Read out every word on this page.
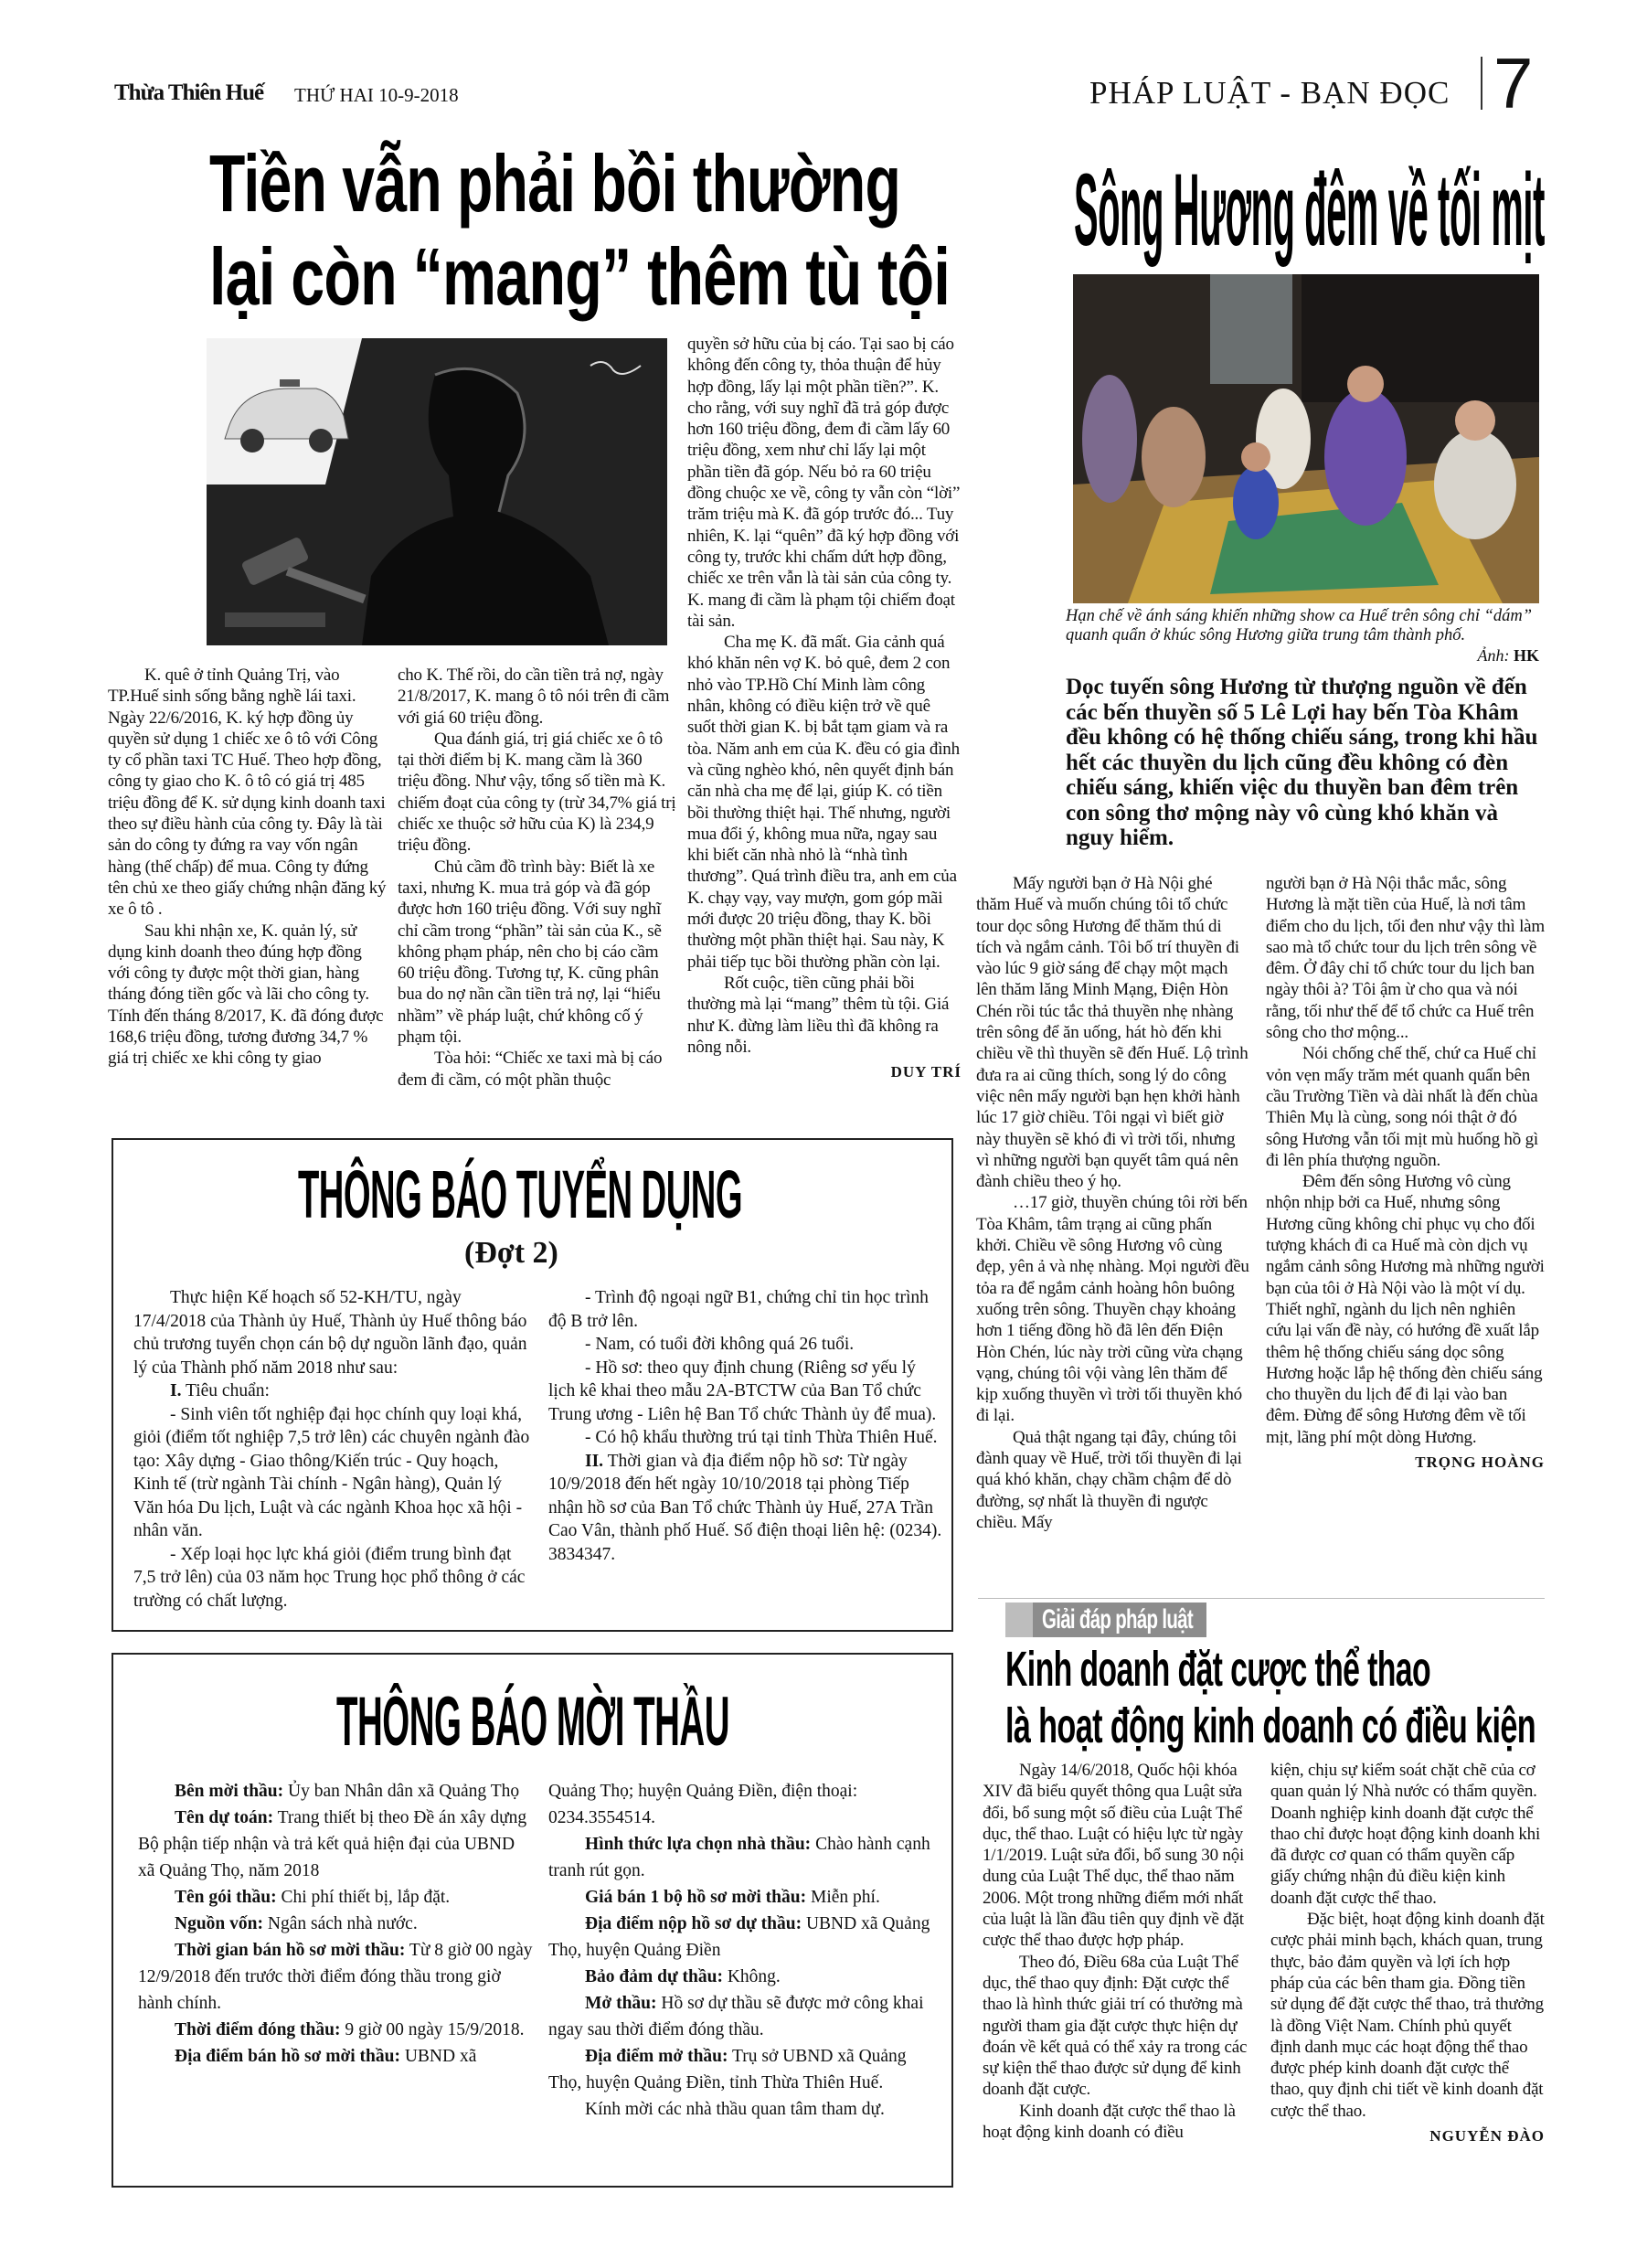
Thừa Thiên Huế THỨ HAI 10-9-2018	PHÁP LUẬT - BẠN ĐỌC 7
Tiền vẫn phải bồi thường
lại còn “mang” thêm tù tội

K. quê ở tỉnh Quảng Trị, vào TP.Huế sinh sống bằng nghề lái taxi. Ngày 22/6/2016, K. ký hợp đồng ủy quyền sử dụng 1 chiếc xe ô tô với Công ty cổ phần taxi TC Huế. Theo hợp đồng, công ty giao cho K. ô tô có giá trị 485 triệu đồng để K. sử dụng kinh doanh taxi theo sự điều hành của công ty. Đây là tài sản do công ty đứng ra vay vốn ngân hàng (thế chấp) để mua. Công ty đứng tên chủ xe theo giấy chứng nhận đăng ký xe ô tô .

Sau khi nhận xe, K. quản lý, sử dụng kinh doanh theo đúng hợp đồng với công ty được một thời gian, hàng tháng đóng tiền gốc và lãi cho công ty. Tính đến tháng 8/2017, K. đã đóng được 168,6 triệu đồng, tương đương 34,7 % giá trị chiếc xe khi công ty giao

cho K. Thế rồi, do cần tiền trả nợ, ngày 21/8/2017, K. mang ô tô nói trên đi cầm với giá 60 triệu đồng.

Qua đánh giá, trị giá chiếc xe ô tô tại thời điểm bị K. mang cầm là 360 triệu đồng. Như vậy, tổng số tiền mà K. chiếm đoạt của công ty (trừ 34,7% giá trị chiếc xe thuộc sở hữu của K) là 234,9 triệu đồng.

Chủ cầm đồ trình bày: Biết là xe taxi, nhưng K. mua trả góp và đã góp được hơn 160 triệu đồng. Với suy nghĩ chỉ cầm trong “phần” tài sản của K., sẽ không phạm pháp, nên cho bị cáo cầm 60 triệu đồng. Tương tự, K. cũng phân bua do nợ nần cần tiền trả nợ, lại “hiểu nhầm” về pháp luật, chứ không cố ý phạm tội.

Tòa hỏi: “Chiếc xe taxi mà bị cáo đem đi cầm, có một phần thuộc

quyền sở hữu của bị cáo. Tại sao bị cáo không đến công ty, thỏa thuận để hủy hợp đồng, lấy lại một phần tiền?”. K. cho rằng, với suy nghĩ đã trả góp được hơn 160 triệu đồng, đem đi cầm lấy 60 triệu đồng, xem như chỉ lấy lại một phần tiền đã góp. Nếu bỏ ra 60 triệu đồng chuộc xe về, công ty vẫn còn “lời” trăm triệu mà K. đã góp trước đó... Tuy nhiên, K. lại “quên” đã ký hợp đồng với công ty, trước khi chấm dứt hợp đồng, chiếc xe trên vẫn là tài sản của công ty. K. mang đi cầm là phạm tội chiếm đoạt tài sản.

Cha mẹ K. đã mất. Gia cảnh quá khó khăn nên vợ K. bỏ quê, đem 2 con nhỏ vào TP.Hồ Chí Minh làm công nhân, không có điều kiện trở về quê suốt thời gian K. bị bắt tạm giam và ra tòa. Năm anh em của K. đều có gia đình và cũng nghèo khó, nên quyết định bán căn nhà cha mẹ để lại, giúp K. có tiền bồi thường thiệt hại. Thế nhưng, người mua đổi ý, không mua nữa, ngay sau khi biết căn nhà nhỏ là “nhà tình thương”. Quá trình điều tra, anh em của K. chạy vạy, vay mượn, gom góp mãi mới được 20 triệu đồng, thay K. bồi thường một phần thiệt hại. Sau này, K phải tiếp tục bồi thường phần còn lại.

Rốt cuộc, tiền cũng phải bồi thường mà lại “mang” thêm tù tội. Giá như K. đừng làm liều thì đã không ra nông nỗi.

DUY TRÍ
Sông Hương đêm về tối mịt
Hạn chế về ánh sáng khiến những show ca Huế trên sông chỉ “dám” quanh quẩn ở khúc sông Hương giữa trung tâm thành phố.
Ảnh: HK
Dọc tuyến sông Hương từ thượng nguồn về đến các bến thuyền số 5 Lê Lợi hay bến Tòa Khâm đều không có hệ thống chiếu sáng, trong khi hầu hết các thuyền du lịch cũng đều không có đèn chiếu sáng, khiến việc du thuyền ban đêm trên con sông thơ mộng này vô cùng khó khăn và nguy hiểm.

Mấy người bạn ở Hà Nội ghé thăm Huế và muốn chúng tôi tổ chức tour dọc sông Hương để thăm thú di tích và ngắm cảnh. Tôi bố trí thuyền đi vào lúc 9 giờ sáng để chạy một mạch lên thăm lăng Minh Mạng, Điện Hòn Chén rồi túc tắc thả thuyền nhẹ nhàng trên sông để ăn uống, hát hò đến khi chiều về thì thuyền sẽ đến Huế. Lộ trình đưa ra ai cũng thích, song lý do công việc nên mấy người bạn hẹn khởi hành lúc 17 giờ chiều. Tôi ngại vì biết giờ này thuyền sẽ khó đi vì trời tối, nhưng vì những người bạn quyết tâm quá nên đành chiều theo ý họ.

…17 giờ, thuyền chúng tôi rời bến Tòa Khâm, tâm trạng ai cũng phấn khởi. Chiều về sông Hương vô cùng đẹp, yên ả và nhẹ nhàng. Mọi người đều tỏa ra để ngắm cảnh hoàng hôn buông xuống trên sông. Thuyền chạy khoảng hơn 1 tiếng đồng hồ đã lên đến Điện Hòn Chén, lúc này trời cũng vừa chạng vạng, chúng tôi vội vàng lên thăm để kịp xuống thuyền vì trời tối thuyền khó đi lại.

Quả thật ngang tại đây, chúng tôi đành quay về Huế, trời tối thuyền đi lại quá khó khăn, chạy chầm chậm để dò đường, sợ nhất là thuyền đi ngược chiều. Mấy

người bạn ở Hà Nội thắc mắc, sông Hương là mặt tiền của Huế, là nơi tâm điểm cho du lịch, tối đen như vậy thì làm sao mà tổ chức tour du lịch trên sông về đêm. Ở đây chỉ tổ chức tour du lịch ban ngày thôi à? Tôi ậm ừ cho qua và nói rằng, tối như thế để tổ chức ca Huế trên sông cho thơ mộng...

Nói chống chế thế, chứ ca Huế chỉ vỏn vẹn mấy trăm mét quanh quẩn bên cầu Trường Tiền và dài nhất là đến chùa Thiên Mụ là cùng, song nói thật ở đó sông Hương vẫn tối mịt mù huống hồ gì đi lên phía thượng nguồn.

Đêm đến sông Hương vô cùng nhộn nhịp bởi ca Huế, nhưng sông Hương cũng không chỉ phục vụ cho đối tượng khách đi ca Huế mà còn dịch vụ ngắm cảnh sông Hương mà những người bạn của tôi ở Hà Nội vào là một ví dụ. Thiết nghĩ, ngành du lịch nên nghiên cứu lại vấn đề này, có hướng đề xuất lắp thêm hệ thống chiếu sáng dọc sông Hương hoặc lắp hệ thống đèn chiếu sáng cho thuyền du lịch để đi lại vào ban đêm. Đừng để sông Hương đêm về tối mịt, lãng phí một dòng Hương.

TRỌNG HOÀNG
Giải đáp pháp luật
Kinh doanh đặt cược thể thao
là hoạt động kinh doanh có điều kiện

Ngày 14/6/2018, Quốc hội khóa XIV đã biểu quyết thông qua Luật sửa đổi, bổ sung một số điều của Luật Thể dục, thể thao. Luật có hiệu lực từ ngày 1/1/2019. Luật sửa đổi, bổ sung 30 nội dung của Luật Thể dục, thể thao năm 2006. Một trong những điểm mới nhất của luật là lần đầu tiên quy định về đặt cược thể thao được hợp pháp.

Theo đó, Điều 68a của Luật Thể dục, thể thao quy định: Đặt cược thể thao là hình thức giải trí có thưởng mà người tham gia đặt cược thực hiện dự đoán về kết quả có thể xảy ra trong các sự kiện thể thao được sử dụng để kinh doanh đặt cược.

Kinh doanh đặt cược thể thao là hoạt động kinh doanh có điều

kiện, chịu sự kiểm soát chặt chẽ của cơ quan quản lý Nhà nước có thẩm quyền. Doanh nghiệp kinh doanh đặt cược thể thao chỉ được hoạt động kinh doanh khi đã được cơ quan có thẩm quyền cấp giấy chứng nhận đủ điều kiện kinh doanh đặt cược thể thao.

Đặc biệt, hoạt động kinh doanh đặt cược phải minh bạch, khách quan, trung thực, bảo đảm quyền và lợi ích hợp pháp của các bên tham gia. Đồng tiền sử dụng để đặt cược thể thao, trả thưởng là đồng Việt Nam. Chính phủ quyết định danh mục các hoạt động thể thao được phép kinh doanh đặt cược thể thao, quy định chi tiết về kinh doanh đặt cược thể thao.

NGUYỄN ĐÀO
THÔNG BÁO TUYỂN DỤNG
(Đợt 2)

Thực hiện Kế hoạch số 52-KH/TU, ngày 17/4/2018 của Thành ủy Huế, Thành ủy Huế thông báo chủ trương tuyển chọn cán bộ dự nguồn lãnh đạo, quản lý của Thành phố năm 2018 như sau:

I. Tiêu chuẩn:

- Sinh viên tốt nghiệp đại học chính quy loại khá, giỏi (điểm tốt nghiệp 7,5 trở lên) các chuyên ngành đào tạo: Xây dựng - Giao thông/Kiến trúc - Quy hoạch, Kinh tế (trừ ngành Tài chính - Ngân hàng), Quản lý Văn hóa Du lịch, Luật và các ngành Khoa học xã hội - nhân văn.

- Xếp loại học lực khá giỏi (điểm trung bình đạt 7,5 trở lên) của 03 năm học Trung học phổ thông ở các trường có chất lượng.

- Trình độ ngoại ngữ B1, chứng chỉ tin học trình độ B trở lên.

- Nam, có tuổi đời không quá 26 tuổi.

- Hồ sơ: theo quy định chung (Riêng sơ yếu lý lịch kê khai theo mẫu 2A-BTCTW của Ban Tổ chức Trung ương - Liên hệ Ban Tổ chức Thành ủy để mua).

- Có hộ khẩu thường trú tại tỉnh Thừa Thiên Huế.

II. Thời gian và địa điểm nộp hồ sơ: Từ ngày 10/9/2018 đến hết ngày 10/10/2018 tại phòng Tiếp nhận hồ sơ của Ban Tổ chức Thành ủy Huế, 27A Trần Cao Vân, thành phố Huế. Số điện thoại liên hệ: (0234). 3834347.

THÔNG BÁO MỜI THẦU

Bên mời thầu: Ủy ban Nhân dân xã Quảng Thọ

Tên dự toán: Trang thiết bị theo Đề án xây dựng Bộ phận tiếp nhận và trả kết quả hiện đại của UBND xã Quảng Thọ, năm 2018

Tên gói thầu: Chi phí thiết bị, lắp đặt.

Nguồn vốn: Ngân sách nhà nước.

Thời gian bán hồ sơ mời thầu: Từ 8 giờ 00 ngày 12/9/2018 đến trước thời điểm đóng thầu trong giờ hành chính.

Thời điểm đóng thầu: 9 giờ 00 ngày 15/9/2018.

Địa điểm bán hồ sơ mời thầu: UBND xã

Quảng Thọ; huyện Quảng Điền, điện thoại: 0234.3554514.

Hình thức lựa chọn nhà thầu: Chào hành cạnh tranh rút gọn.

Giá bán 1 bộ hồ sơ mời thầu: Miễn phí.

Địa điểm nộp hồ sơ dự thầu: UBND xã Quảng Thọ, huyện Quảng Điền

Bảo đảm dự thầu: Không.

Mở thầu: Hồ sơ dự thầu sẽ được mở công khai ngay sau thời điểm đóng thầu.

Địa điểm mở thầu: Trụ sở UBND xã Quảng Thọ, huyện Quảng Điền, tỉnh Thừa Thiên Huế.

Kính mời các nhà thầu quan tâm tham dự.
